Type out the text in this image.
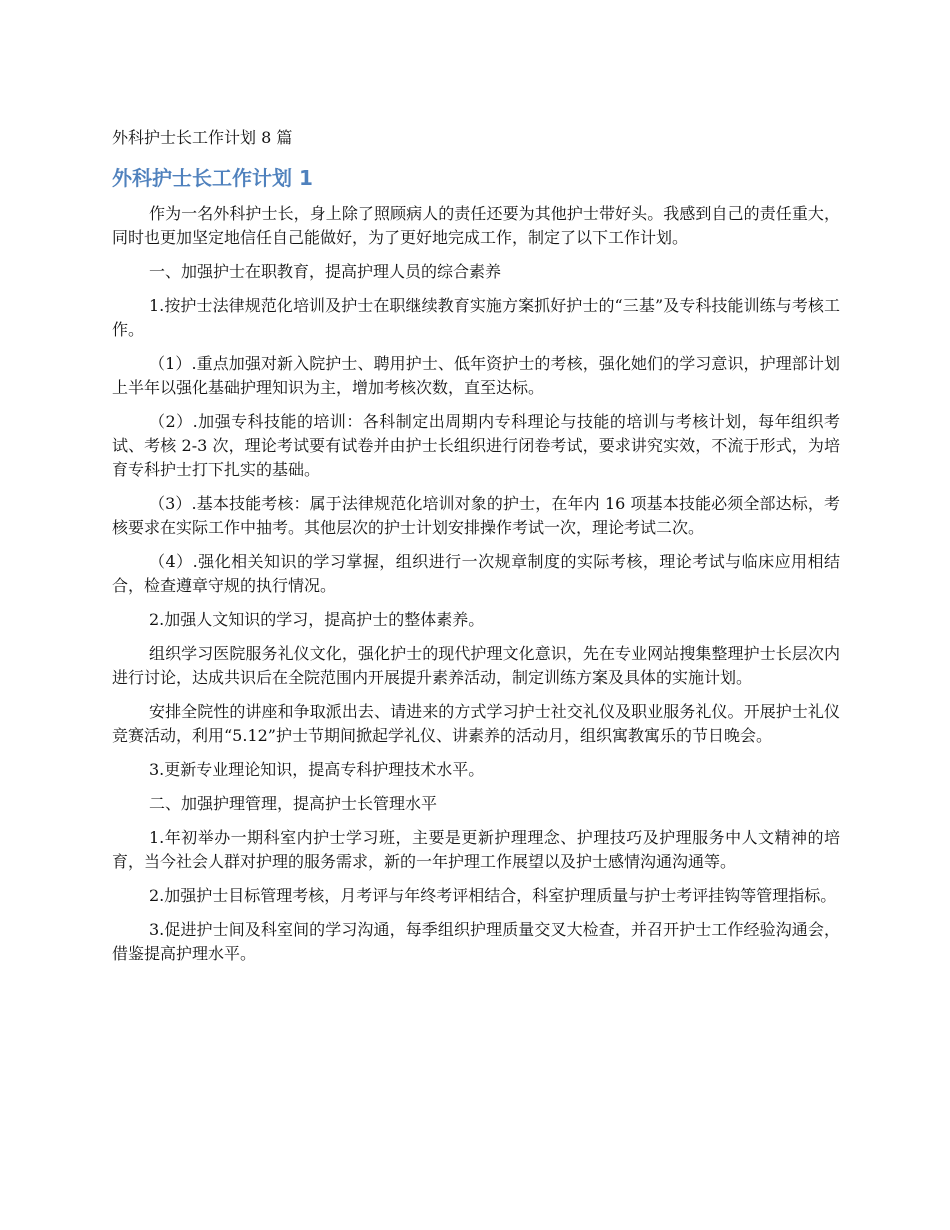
外科护士长工作计划 8 篇
外科护士长工作计划 1

作为一名外科护士长，身上除了照顾病人的责任还要为其他护士带好头。我感到自己的责任重大，同时也更加坚定地信任自己能做好，为了更好地完成工作，制定了以下工作计划。

一、加强护士在职教育，提高护理人员的综合素养

1.按护士法律规范化培训及护士在职继续教育实施方案抓好护士的“三基”及专科技能训练与考核工作。

（1）.重点加强对新入院护士、聘用护士、低年资护士的考核，强化她们的学习意识，护理部计划上半年以强化基础护理知识为主，增加考核次数，直至达标。

（2）.加强专科技能的培训：各科制定出周期内专科理论与技能的培训与考核计划，每年组织考试、考核 2-3 次，理论考试要有试卷并由护士长组织进行闭卷考试，要求讲究实效，不流于形式，为培育专科护士打下扎实的基础。

（3）.基本技能考核：属于法律规范化培训对象的护士，在年内 16 项基本技能必须全部达标，考核要求在实际工作中抽考。其他层次的护士计划安排操作考试一次，理论考试二次。

（4）.强化相关知识的学习掌握，组织进行一次规章制度的实际考核，理论考试与临床应用相结合，检查遵章守规的执行情况。

2.加强人文知识的学习，提高护士的整体素养。

组织学习医院服务礼仪文化，强化护士的现代护理文化意识，先在专业网站搜集整理护士长层次内进行讨论，达成共识后在全院范围内开展提升素养活动，制定训练方案及具体的实施计划。

安排全院性的讲座和争取派出去、请进来的方式学习护士社交礼仪及职业服务礼仪。开展护士礼仪竞赛活动，利用“5.12”护士节期间掀起学礼仪、讲素养的活动月，组织寓教寓乐的节日晚会。

3.更新专业理论知识，提高专科护理技术水平。

二、加强护理管理，提高护士长管理水平

1.年初举办一期科室内护士学习班，主要是更新护理理念、护理技巧及护理服务中人文精神的培育，当今社会人群对护理的服务需求，新的一年护理工作展望以及护士感情沟通沟通等。

2.加强护士目标管理考核，月考评与年终考评相结合，科室护理质量与护士考评挂钩等管理指标。

3.促进护士间及科室间的学习沟通，每季组织护理质量交叉大检查，并召开护士工作经验沟通会，借鉴提高护理水平。
